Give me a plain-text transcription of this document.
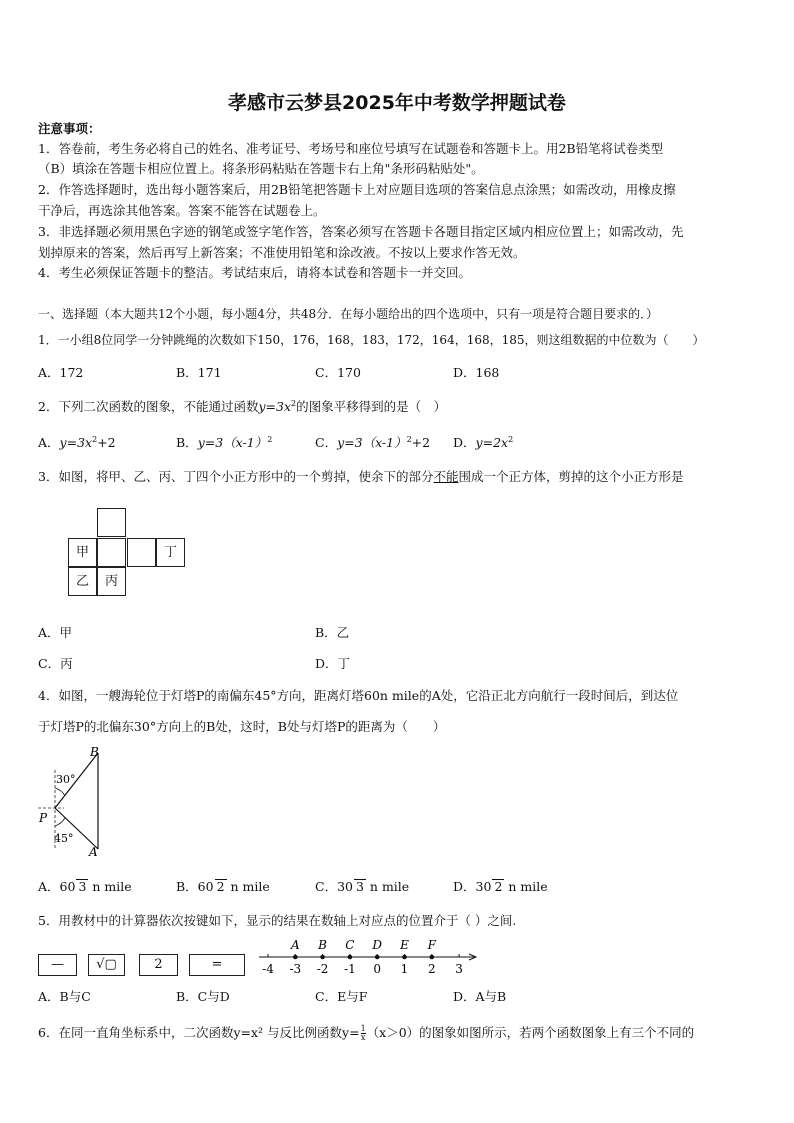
孝感市云梦县2025年中考数学押题试卷
注意事项：
1．答卷前，考生务必将自己的姓名、准考证号、考场号和座位号填写在试题卷和答题卡上。用2B铅笔将试卷类型
（B）填涂在答题卡相应位置上。将条形码粘贴在答题卡右上角"条形码粘贴处"。
2．作答选择题时，选出每小题答案后，用2B铅笔把答题卡上对应题目选项的答案信息点涂黑；如需改动，用橡皮擦
干净后，再选涂其他答案。答案不能答在试题卷上。
3．非选择题必须用黑色字迹的钢笔或签字笔作答，答案必须写在答题卡各题目指定区域内相应位置上；如需改动，先
划掉原来的答案，然后再写上新答案；不准使用铅笔和涂改液。不按以上要求作答无效。
4．考生必须保证答题卡的整洁。考试结束后，请将本试卷和答题卡一并交回。
一、选择题（本大题共12个小题，每小题4分，共48分．在每小题给出的四个选项中，只有一项是符合题目要求的．）
1．一小组8位同学一分钟跳绳的次数如下150，176，168，183，172，164，168，185，则这组数据的中位数为（　　）
A．172	B．171	C．170	D．168
2．下列二次函数的图象，不能通过函数$y=3x^2$的图象平移得到的是（　）
A．$y=3x^2+2$	B．$y=3(x-1)^2$	C．$y=3(x-1)^2+2$ D．$y=2x^2$
3．如图，将甲、乙、丙、丁四个小正方形中的一个剪掉，使余下的部分不能围成一个正方体，剪掉的这个小正方形是
甲	丁
乙	丙
A．甲	B．乙
C．丙	D．丁
4．如图，一艘海轮位于灯塔P的南偏东45°方向，距离灯塔60n mile的A处，它沿正北方向航行一段时间后，到达位
于灯塔P的北偏东30°方向上的B处，这时，B处与灯塔P的距离为（　　）
B
A
P
30°
45°
A．60 3 n mile	B．60 2 n mile	C．30 3 n mile	D．30 2 n mile
5．用教材中的计算器依次按键如下，显示的结果在数轴上对应点的位置介于（ ）之间.
—	√▢	2	=	-4 -3 -2 -1 0 1 2 3
A B C D E F
A．B与C	B．C与D	C．E与F	D．A与B
6．在同一直角坐标系中，二次函数y=x² 与反比例函数$y= \frac{1}{x} (x>0)$的图象如图所示，若两个函数图象上有三个不同的
